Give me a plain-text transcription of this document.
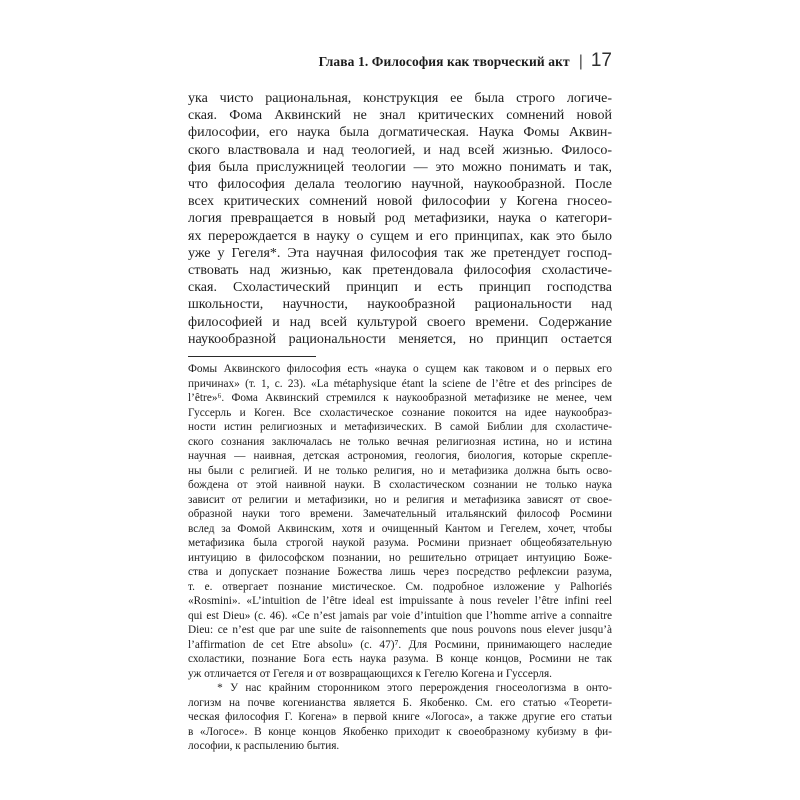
Глава 1. Философия как творческий акт | 17
ука чисто рациональная, конструкция ее была строго логиче-
ская. Фома Аквинский не знал критических сомнений новой
философии, его наука была догматическая. Наука Фомы Аквин-
ского властвовала и над теологией, и над всей жизнью. Филосо-
фия была прислужницей теологии — это можно понимать и так,
что философия делала теологию научной, наукообразной. После
всех критических сомнений новой философии у Когена гносео-
логия превращается в новый род метафизики, наука о категори-
ях перерождается в науку о сущем и его принципах, как это было
уже у Гегеля*. Эта научная философия так же претендует господ-
ствовать над жизнью, как претендовала философия схоластиче-
ская. Схоластический принцип и есть принцип господства
школьности, научности, наукообразной рациональности над
философией и над всей культурой своего времени. Содержание
наукообразной рациональности меняется, но принцип остается
Фомы Аквинского философия есть «наука о сущем как таковом и о первых его
причинах» (т. 1, с. 23). «La métaphysique étant la sciene de l’être et des principes de
l’être»⁶. Фома Аквинский стремился к наукообразной метафизике не менее, чем
Гуссерль и Коген. Все схоластическое сознание покоится на идее наукообраз-
ности истин религиозных и метафизических. В самой Библии для схоластиче-
ского сознания заключалась не только вечная религиозная истина, но и истина
научная — наивная, детская астрономия, геология, биология, которые скрепле-
ны были с религией. И не только религия, но и метафизика должна быть осво-
бождена от этой наивной науки. В схоластическом сознании не только наука
зависит от религии и метафизики, но и религия и метафизика зависят от свое-
образной науки того времени. Замечательный итальянский философ Росмини
вслед за Фомой Аквинским, хотя и очищенный Кантом и Гегелем, хочет, чтобы
метафизика была строгой наукой разума. Росмини признает общеобязательную
интуицию в философском познании, но решительно отрицает интуицию Боже-
ства и допускает познание Божества лишь через посредство рефлексии разума,
т. е. отвергает познание мистическое. См. подробное изложение у Palhoriés
«Rosmini». «L’intuition de l’être ideal est impuissante à nous reveler l’être infini reel
qui est Dieu» (c. 46). «Ce n’est jamais par voie d’intuition que l’homme arrive a connaitre
Dieu: ce n’est que par une suite de raisonnements que nous pouvons nous elever jusqu’à
l’affirmation de cet Etre absolu» (c. 47)⁷. Для Росмини, принимающего наследие
схоластики, познание Бога есть наука разума. В конце концов, Росмини не так
уж отличается от Гегеля и от возвращающихся к Гегелю Когена и Гуссерля.
* У нас крайним сторонником этого перерождения гносеологизма в онто-
логизм на почве когенианства является Б. Якобенко. См. его статью «Теорети-
ческая философия Г. Когена» в первой книге «Логоса», а также другие его статьи
в «Логосе». В конце концов Якобенко приходит к своеобразному кубизму в фи-
лософии, к распылению бытия.
